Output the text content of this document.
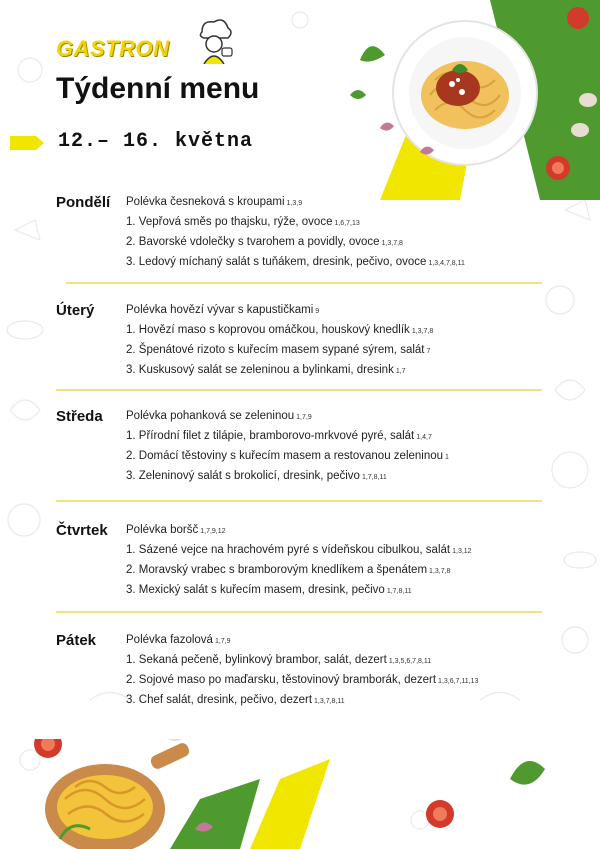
GASTRON
Týdenní menu
12.– 16. května
Pondělí Polévka česneková s kroupami 1,3,9
1. Vepřová směs po thajsku, rýže, ovoce 1,6,7,13
2. Bavorské vdolečky s tvarohem a povidly, ovoce 1,3,7,8
3. Ledový míchaný salát s tuňákem, dresink, pečivo, ovoce 1,3,4,7,8,11
Úterý	Polévka hovězí vývar s kapustičkami 9
1. Hovězí maso s koprovou omáčkou, houskový knedlík 1,3,7,8
2. Špenátové rizoto s kuřecím masem sypané sýrem, salát 7
3. Kuskusový salát se zeleninou a bylinkami, dresink 1,7
Středa Polévka pohanková se zeleninou 1,7,9
1. Přírodní filet z tilápie, bramborovo-mrkvové pyré, salát 1,4,7
2. Domácí těstoviny s kuřecím masem a restovanou zeleninou 1
3. Zeleninový salát s brokolicí, dresink, pečivo 1,7,8,11
Čtvrtek Polévka boršč 1,7,9,12
1. Sázené vejce na hrachovém pyré s vídeňskou cibulkou, salát 1,3,12
2. Moravský vrabec s bramborovým knedlíkem a špenátem 1,3,7,8
3. Mexický salát s kuřecím masem, dresink, pečivo 1,7,8,11
Pátek	Polévka fazolová 1,7,9
1. Sekaná pečeně, bylinkový brambor, salát, dezert 1,3,5,6,7,8,11
2. Sojové maso po maďarsku, těstovinový bramborák, dezert 1,3,6,7,11,13
3. Chef salát, dresink, pečivo, dezert 1,3,7,8,11
